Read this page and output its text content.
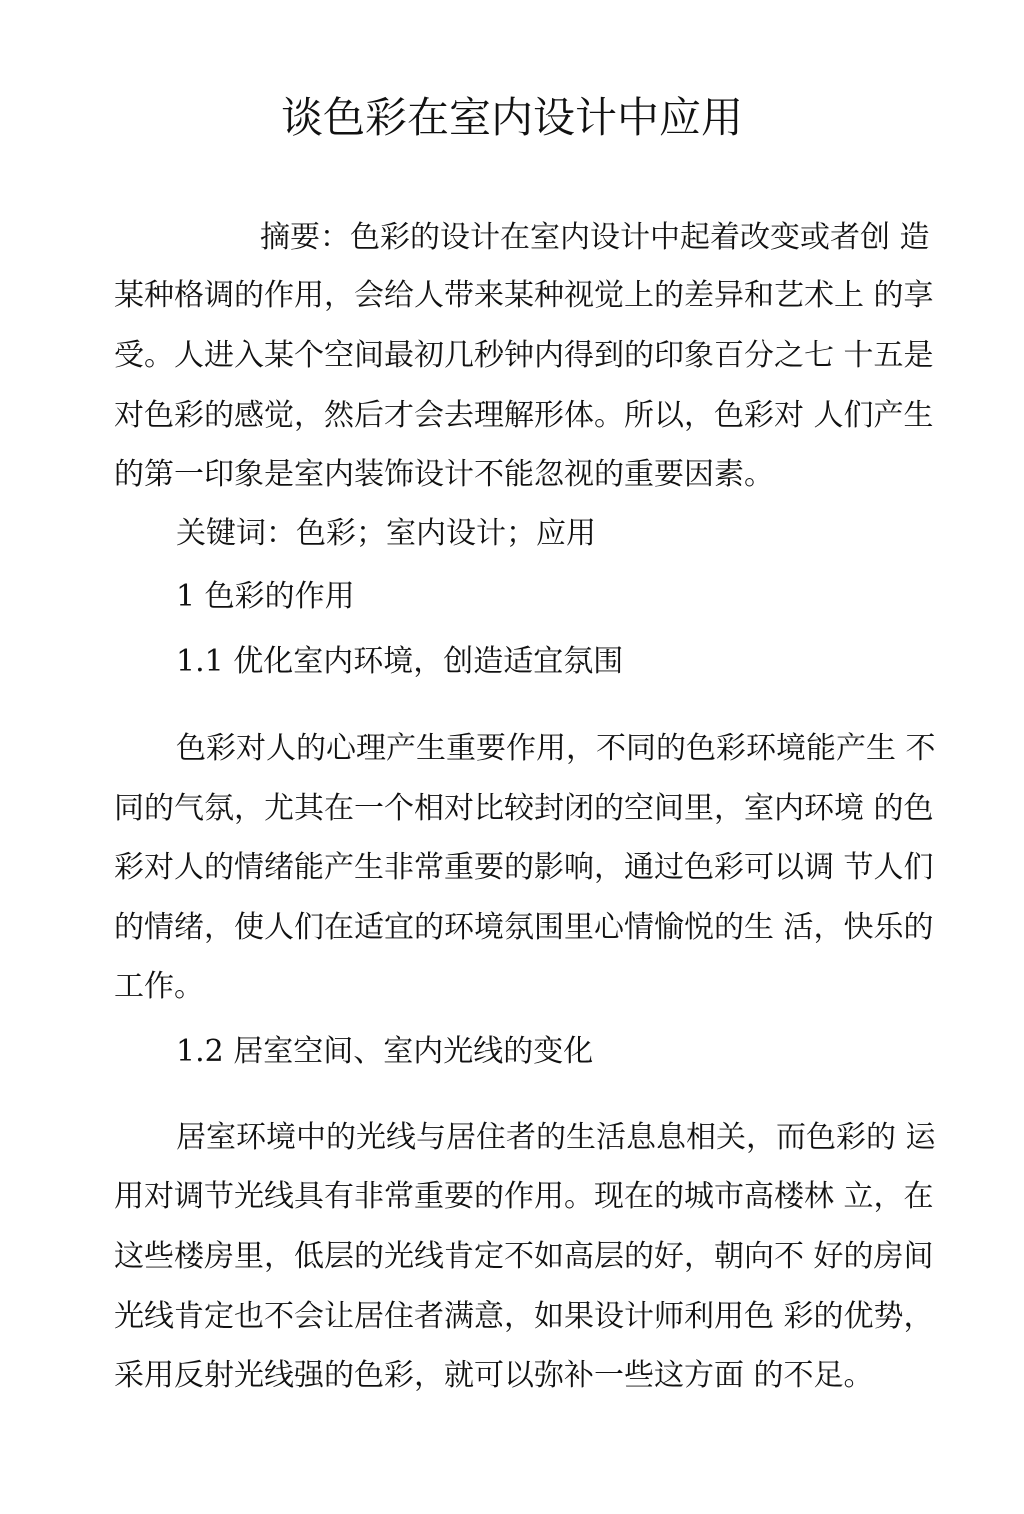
谈色彩在室内设计中应用
摘要：色彩的设计在室内设计中起着改变或者创 造
某种格调的作用，会给人带来某种视觉上的差异和艺术上 的享
受。人进入某个空间最初几秒钟内得到的印象百分之七 十五是
对色彩的感觉，然后才会去理解形体。所以，色彩对 人们产生
的第一印象是室内装饰设计不能忽视的重要因素。
关键词：色彩；室内设计；应用
1 色彩的作用
1.1 优化室内环境，创造适宜氛围
色彩对人的心理产生重要作用，不同的色彩环境能产生 不
同的气氛，尤其在一个相对比较封闭的空间里，室内环境 的色
彩对人的情绪能产生非常重要的影响，通过色彩可以调 节人们
的情绪，使人们在适宜的环境氛围里心情愉悦的生 活，快乐的
工作。
1.2 居室空间、室内光线的变化
居室环境中的光线与居住者的生活息息相关，而色彩的 运
用对调节光线具有非常重要的作用。现在的城市高楼林 立，在
这些楼房里，低层的光线肯定不如高层的好，朝向不 好的房间
光线肯定也不会让居住者满意，如果设计师利用色 彩的优势，
采用反射光线强的色彩，就可以弥补一些这方面 的不足。
